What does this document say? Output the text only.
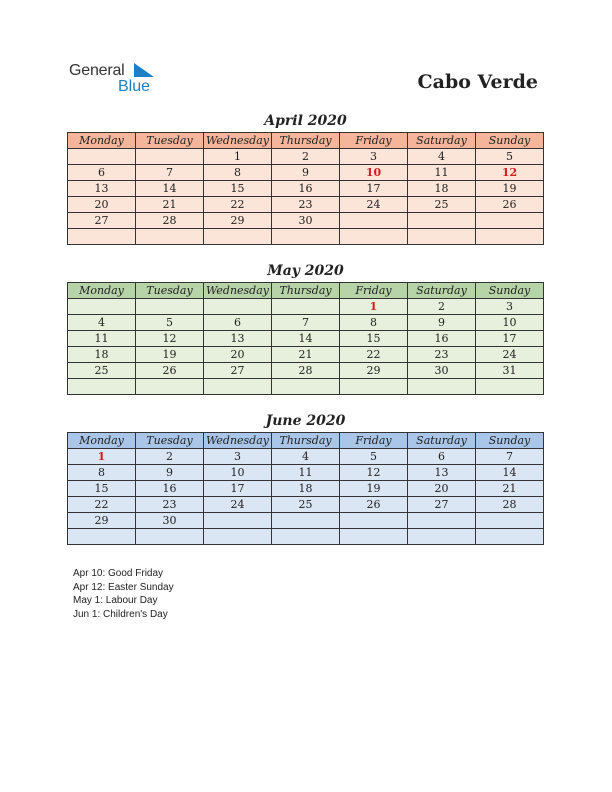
General
Blue	Cabo Verde
April 2020
Monday	Tuesday	Wednesday	Thursday	Friday	Saturday	Sunday
		1	2	3	4	5
6	7	8	9	10	11	12
13	14	15	16	17	18	19
20	21	22	23	24	25	26
27	28	29	30			

May 2020
Monday	Tuesday	Wednesday	Thursday	Friday	Saturday	Sunday
				1	2	3
4	5	6	7	8	9	10
11	12	13	14	15	16	17
18	19	20	21	22	23	24
25	26	27	28	29	30	31

June 2020
Monday	Tuesday	Wednesday	Thursday	Friday	Saturday	Sunday
1	2	3	4	5	6	7
8	9	10	11	12	13	14
15	16	17	18	19	20	21
22	23	24	25	26	27	28
29	30					

Apr 10: Good Friday
Apr 12: Easter Sunday
May 1: Labour Day
Jun 1: Children's Day
